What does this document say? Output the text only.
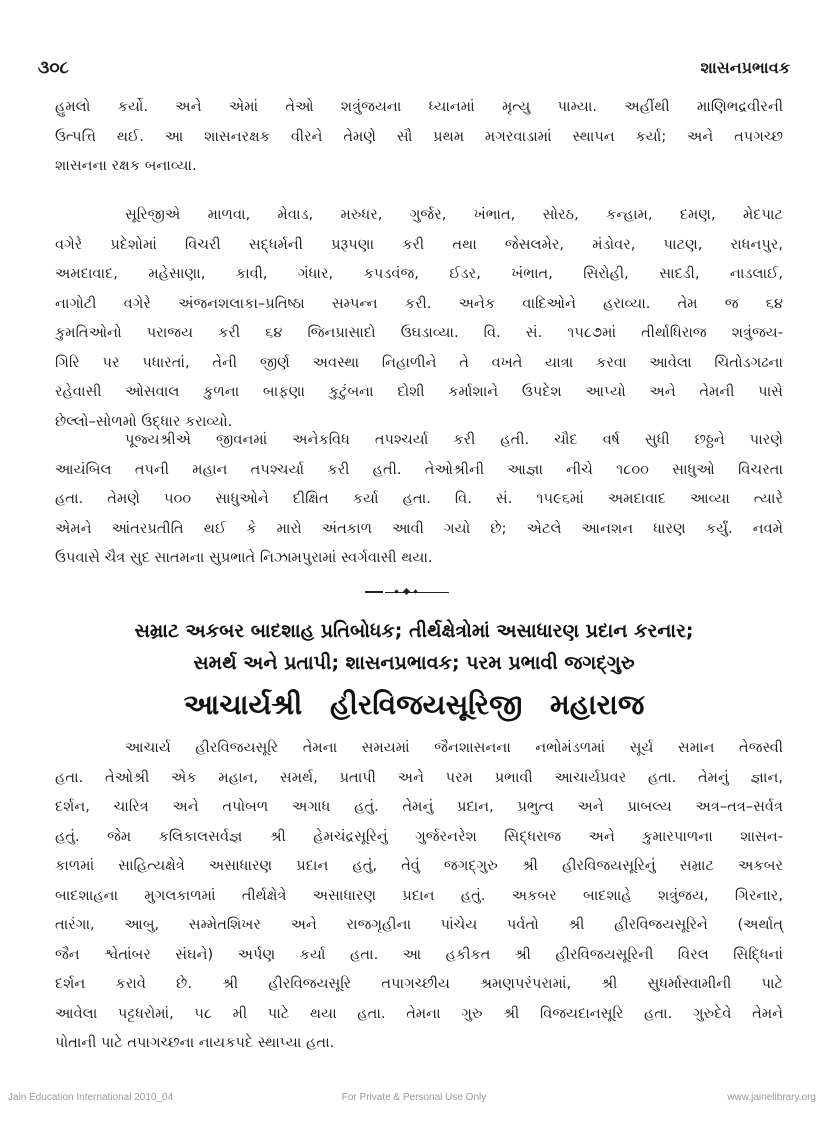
૩૦૮	શાસનપ્રભાવક
હુમલો કર્યો. અને એમાં તેઓ શત્રુંજયના ધ્યાનમાં મૃત્યુ પામ્યા. અહીંથી માણિભદ્રવીરની
ઉત્પત્તિ થઈ. આ શાસનરક્ષક વીરને તેમણે સૌ પ્રથમ મગરવાડામાં સ્થાપન કર્યા; અને તપગચ્છ
શાસનના રક્ષક બનાવ્યા.
સૂરિજીએ માળવા, મેવાડ, મરુધર, ગુર્જર, ખંભાત, સોરઠ, કન્હામ, દમણ, મેદપાટ
વગેરે પ્રદેશોમાં વિચરી સદ્ધર્મની પ્રરૂપણા કરી તથા જેસલમેર, મંડોવર, પાટણ, રાધનપુર,
અમદાવાદ, મહેસાણા, કાવી, ગંધાર, કપડવંજ, ઈડર, ખંભાત, સિરોહી, સાદડી, નાડલાઈ,
નાગોટી વગેરે અંજનશલાકા–પ્રતિષ્ઠા સમ્પન્ન કરી. અનેક વાદિઓને હરાવ્યા. તેમ જ ૬૪
કુમતિઓનો પરાજય કરી ૬૪ જિનપ્રાસાદો ઉઘડાવ્યા. વિ. સં. ૧૫૮૭માં તીર્થાધિરાજ શત્રુંજય-
ગિરિ પર પધારતાં, તેની જીર્ણ અવસ્થા નિહાળીને તે વખતે યાત્રા કરવા આવેલા ચિતોડગઢના
રહેવાસી ઓસવાલ કુળના બાફણા કુટુંબના દોશી કર્માશાને ઉપદેશ આપ્યો અને તેમની પાસે
છેલ્લો–સોળમો ઉદ્ધાર કરાવ્યો.
પૂજ્યશ્રીએ જીવનમાં અનેકવિધ તપશ્ચર્યા કરી હતી. ચૌદ વર્ષ સુધી છઠ્ઠને પારણે
આયંબિલ તપની મહાન તપશ્ચર્યા કરી હતી. તેઓશ્રીની આજ્ઞા નીચે ૧૮૦૦ સાધુઓ વિચરતા
હતા. તેમણે ૫૦૦ સાધુઓને દીક્ષિત કર્યા હતા. વિ. સં. ૧૫૯૬માં અમદાવાદ આવ્યા ત્યારે
એમને આંતરપ્રતીતિ થઈ કે મારો અંતકાળ આવી ગયો છે; એટલે આનશન ધારણ કર્યું. નવમે
ઉપવાસે ચૈત્ર સુદ સાતમના સુપ્રભાતે નિઝામપુરામાં સ્વર્ગવાસી થયા.
સમ્રાટ અકબર બાદશાહ પ્રતિબોધક; તીર્થક્ષેત્રોમાં અસાધારણ પ્રદાન કરનાર;
સમર્થ અને પ્રતાપી; શાસનપ્રભાવક; પરમ પ્રભાવી જગદ્ગુરુ
આચાર્યશ્રી હીરવિજયસૂરિજી મહારાજ
આચાર્ય હીરવિજયસૂરિ તેમના સમયમાં જૈનશાસનના નભોમંડળમાં સૂર્ય સમાન તેજસ્વી
હતા. તેઓશ્રી એક મહાન, સમર્થ, પ્રતાપી અને પરમ પ્રભાવી આચાર્યપ્રવર હતા. તેમનું જ્ઞાન,
દર્શન, ચારિત્ર અને તપોબળ અગાધ હતું. તેમનું પ્રદાન, પ્રભુત્વ અને પ્રાબલ્ય અત્ર–તત્ર–સર્વત્ર
હતું. જેમ કલિકાલસર્વજ્ઞ શ્રી હેમચંદ્રસૂરિનું ગુર્જરનરેશ સિદ્ધરાજ અને કુમારપાળના શાસન-
કાળમાં સાહિત્યક્ષેત્રે અસાધારણ પ્રદાન હતું, તેવું જગદ્ગુરુ શ્રી હીરવિજયસૂરિનું સમ્રાટ અકબર
બાદશાહના મુગલકાળમાં તીર્થક્ષેત્રે અસાધારણ પ્રદાન હતું. અકબર બાદશાહે શત્રુંજય, ગિરનાર,
તારંગા, આબુ, સમ્મેતશિખર અને રાજગૃહીના પાંચેય પર્વતો શ્રી હીરવિજયસૂરિને (અર્થાત્
જૈન શ્વેતાંબર સંઘને) અર્પણ કર્યા હતા. આ હકીકત શ્રી હીરવિજયસૂરિની વિરલ સિદ્ધિનાં
દર્શન કરાવે છે. શ્રી હીરવિજયસૂરિ તપાગચ્છીય શ્રમણપરંપરામાં, શ્રી સુધર્માસ્વામીની પાટે
આવેલા પટ્ટધરોમાં, ૫૮ મી પાટે થયા હતા. તેમના ગુરુ શ્રી વિજયદાનસૂરિ હતા. ગુરુદેવે તેમને
પોતાની પાટે તપાગચ્છના નાયકપદે સ્થાપ્યા હતા.
Jain Education International 2010_04	For Private & Personal Use Only	www.jainelibrary.org
